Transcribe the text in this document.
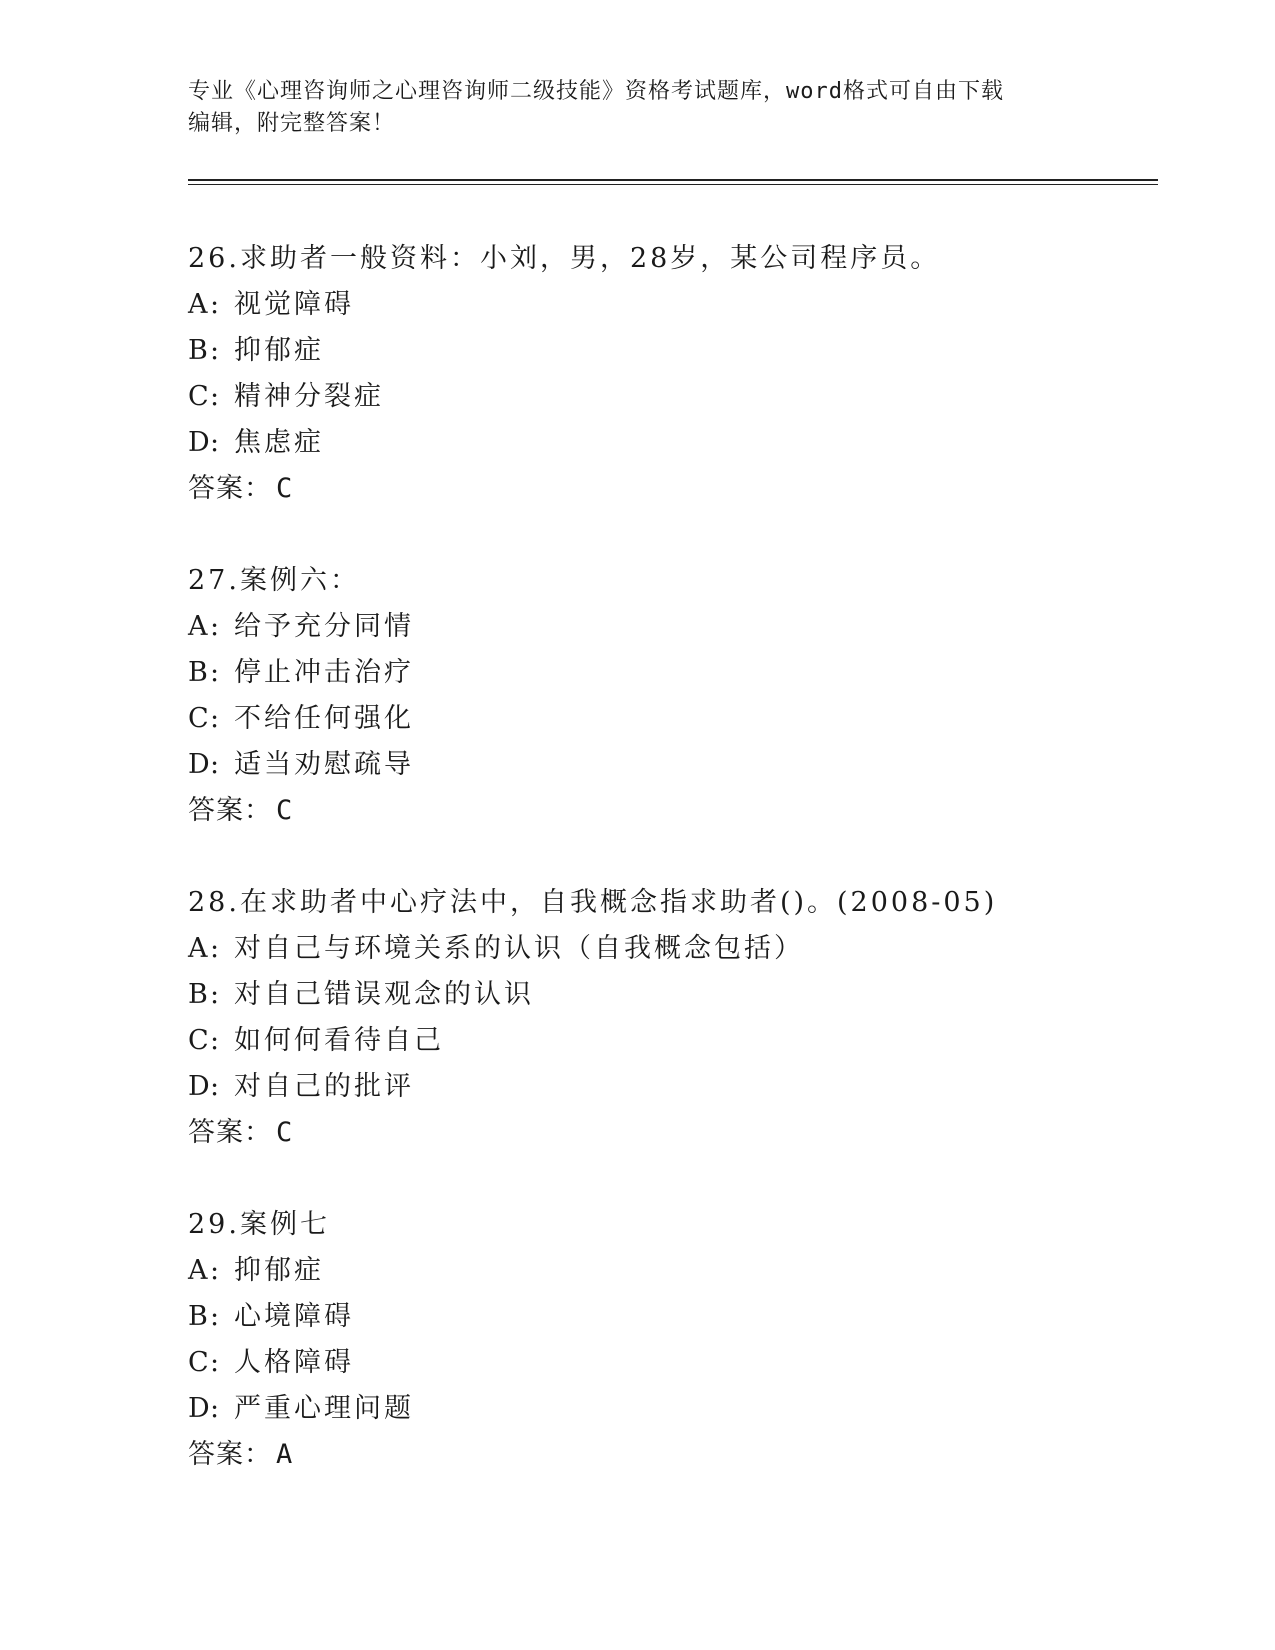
专业《心理咨询师之心理咨询师二级技能》资格考试题库，word格式可自由下载
编辑，附完整答案！
26.求助者一般资料：小刘，男，28岁，某公司程序员。
A: 视觉障碍
B: 抑郁症
C: 精神分裂症
D: 焦虑症
答案： C
27.案例六：
A: 给予充分同情
B: 停止冲击治疗
C: 不给任何强化
D: 适当劝慰疏导
答案： C
28.在求助者中心疗法中，自我概念指求助者()。(2008-05)
A: 对自己与环境关系的认识（自我概念包括）
B: 对自己错误观念的认识
C: 如何何看待自己
D: 对自己的批评
答案： C
29.案例七
A: 抑郁症
B: 心境障碍
C: 人格障碍
D: 严重心理问题
答案： A
